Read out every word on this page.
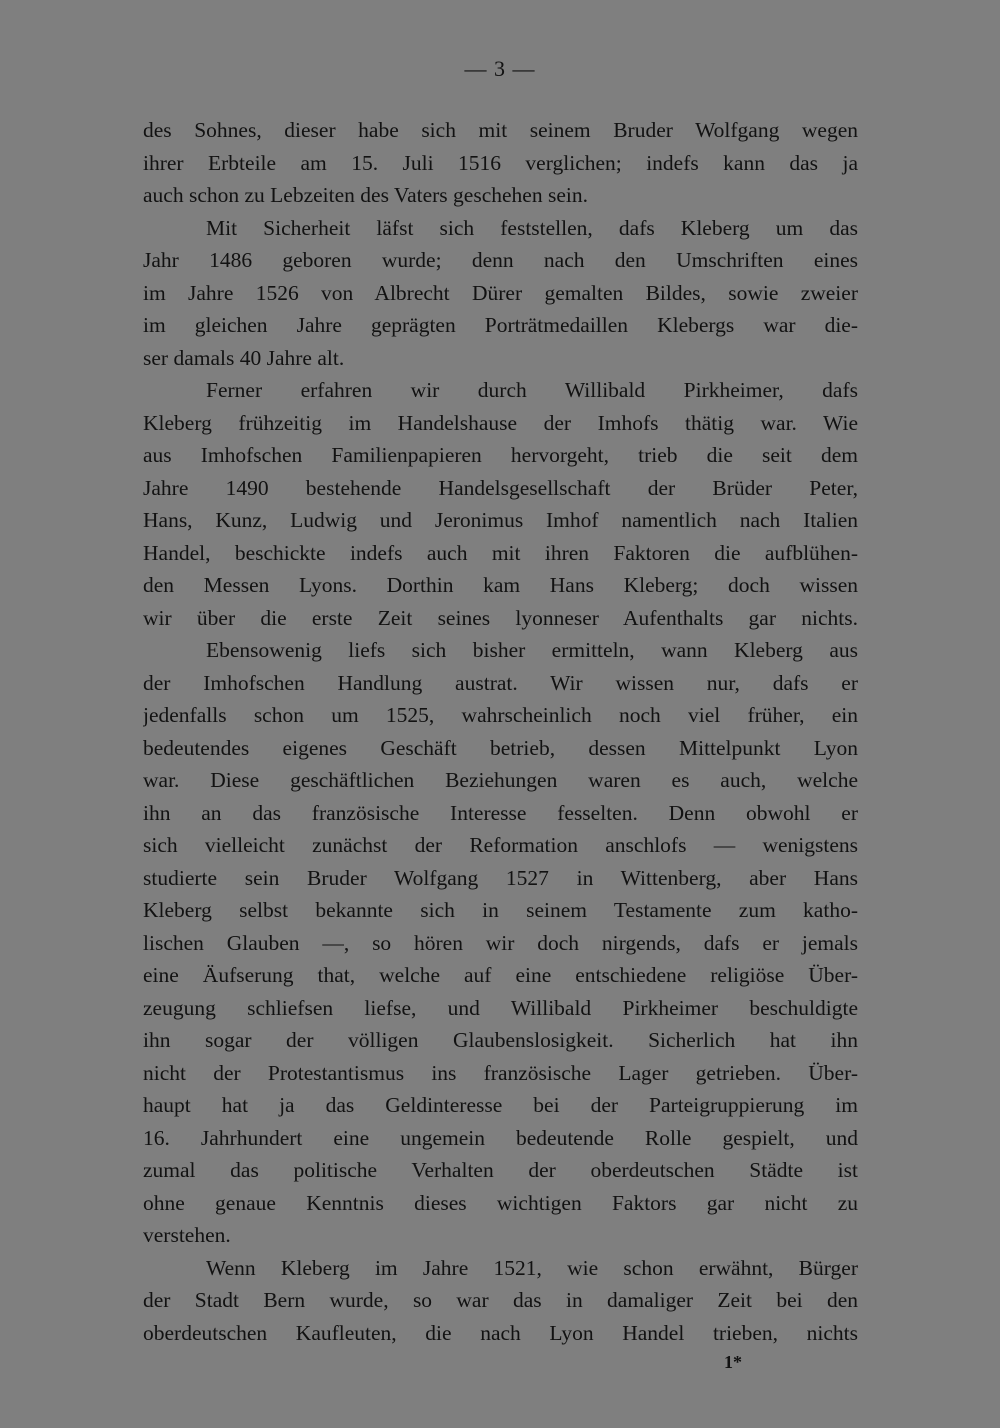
— 3 —
des Sohnes, dieser habe sich mit seinem Bruder Wolfgang wegen
ihrer Erbteile am 15. Juli 1516 verglichen; indefs kann das ja
auch schon zu Lebzeiten des Vaters geschehen sein.
Mit Sicherheit läfst sich feststellen, dafs Kleberg um das
Jahr 1486 geboren wurde; denn nach den Umschriften eines
im Jahre 1526 von Albrecht Dürer gemalten Bildes, sowie zweier
im gleichen Jahre geprägten Porträtmedaillen Klebergs war die-
ser damals 40 Jahre alt.
Ferner erfahren wir durch Willibald Pirkheimer, dafs
Kleberg frühzeitig im Handelshause der Imhofs thätig war. Wie
aus Imhofschen Familienpapieren hervorgeht, trieb die seit dem
Jahre 1490 bestehende Handelsgesellschaft der Brüder Peter,
Hans, Kunz, Ludwig und Jeronimus Imhof namentlich nach Italien
Handel, beschickte indefs auch mit ihren Faktoren die aufblühen-
den Messen Lyons. Dorthin kam Hans Kleberg; doch wissen
wir über die erste Zeit seines lyonneser Aufenthalts gar nichts.
Ebensowenig liefs sich bisher ermitteln, wann Kleberg aus
der Imhofschen Handlung austrat. Wir wissen nur, dafs er
jedenfalls schon um 1525, wahrscheinlich noch viel früher, ein
bedeutendes eigenes Geschäft betrieb, dessen Mittelpunkt Lyon
war. Diese geschäftlichen Beziehungen waren es auch, welche
ihn an das französische Interesse fesselten. Denn obwohl er
sich vielleicht zunächst der Reformation anschlofs — wenigstens
studierte sein Bruder Wolfgang 1527 in Wittenberg, aber Hans
Kleberg selbst bekannte sich in seinem Testamente zum katho-
lischen Glauben —, so hören wir doch nirgends, dafs er jemals
eine Äufserung that, welche auf eine entschiedene religiöse Über-
zeugung schliefsen liefse, und Willibald Pirkheimer beschuldigte
ihn sogar der völligen Glaubenslosigkeit. Sicherlich hat ihn
nicht der Protestantismus ins französische Lager getrieben. Über-
haupt hat ja das Geldinteresse bei der Parteigruppierung im
16. Jahrhundert eine ungemein bedeutende Rolle gespielt, und
zumal das politische Verhalten der oberdeutschen Städte ist
ohne genaue Kenntnis dieses wichtigen Faktors gar nicht zu
verstehen.
Wenn Kleberg im Jahre 1521, wie schon erwähnt, Bürger
der Stadt Bern wurde, so war das in damaliger Zeit bei den
oberdeutschen Kaufleuten, die nach Lyon Handel trieben, nichts
1*
